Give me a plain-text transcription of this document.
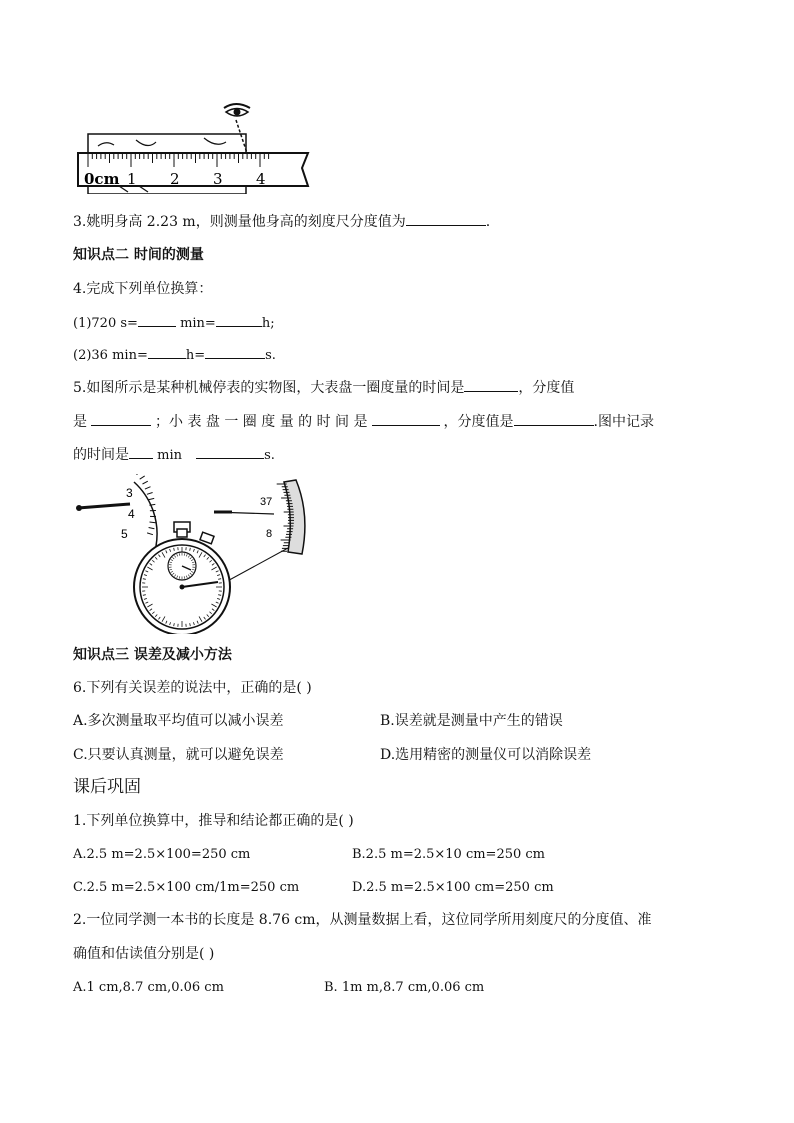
0cm 1 2 3 4
3.姚明身高 2.23 m，则测量他身高的刻度尺分度值为	.
知识点二 时间的测量
4.完成下列单位换算：
(1)720 s=	min=	h;
(2)36 min=	h=	s.
5.如图所示是某种机械停表的实物图，大表盘一圈度量的时间是	，分度值
是	；小 表 盘 一 圈 度 量 的 时 间 是	，分度值是	.图中记录
的时间是 min	s.
3
4
5
37
8
知识点三 误差及减小方法
6.下列有关误差的说法中，正确的是( )
A.多次测量取平均值可以减小误差	B.误差就是测量中产生的错误
C.只要认真测量，就可以避免误差	D.选用精密的测量仪可以消除误差
课后巩固
1.下列单位换算中，推导和结论都正确的是( )
A.2.5 m=2.5×100=250 cm	B.2.5 m=2.5×10 cm=250 cm
C.2.5 m=2.5×100 cm/1m=250 cm	D.2.5 m=2.5×100 cm=250 cm
2.一位同学测一本书的长度是 8.76 cm，从测量数据上看，这位同学所用刻度尺的分度值、准
确值和估读值分别是( )
A.1 cm,8.7 cm,0.06 cm	B. 1m m,8.7 cm,0.06 cm
